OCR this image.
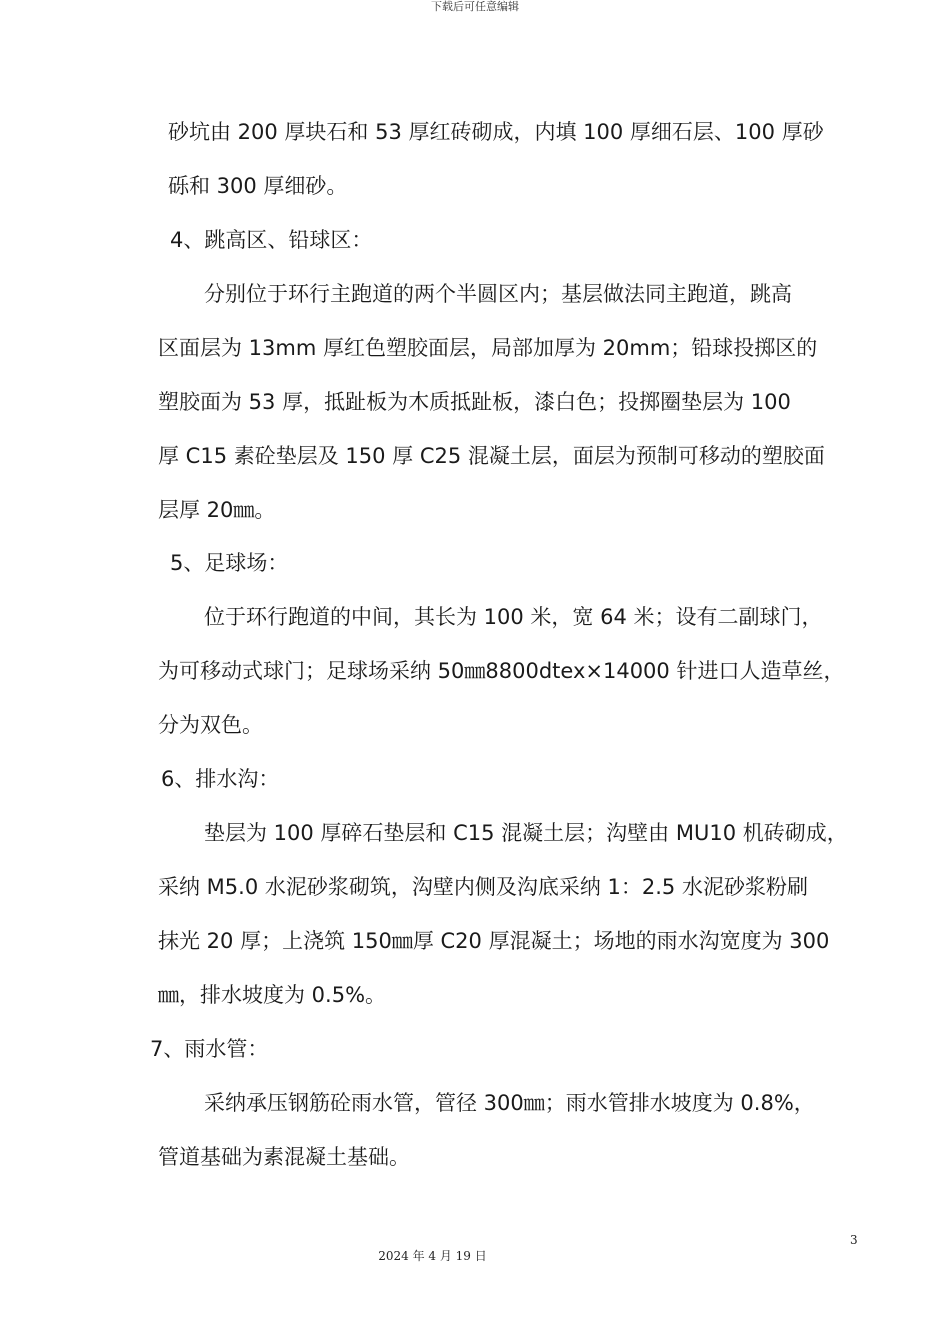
下载后可任意编辑
砂坑由 200 厚块石和 53 厚红砖砌成，内填 100 厚细石层、100 厚砂
砾和 300 厚细砂。
4、跳高区、铅球区：
分别位于环行主跑道的两个半圆区内；基层做法同主跑道，跳高
区面层为 13mm 厚红色塑胶面层，局部加厚为 20mm；铅球投掷区的
塑胶面为 53 厚，抵趾板为木质抵趾板，漆白色；投掷圈垫层为 100
厚 C15 素砼垫层及 150 厚 C25 混凝土层，面层为预制可移动的塑胶面
层厚 20㎜。
5、足球场：
位于环行跑道的中间，其长为 100 米，宽 64 米；设有二副球门，
为可移动式球门；足球场采纳 50㎜8800dtex×14000 针进口人造草丝，
分为双色。
6、排水沟：
垫层为 100 厚碎石垫层和 C15 混凝土层；沟壁由 MU10 机砖砌成，
采纳 M5.0 水泥砂浆砌筑，沟壁内侧及沟底采纳 1：2.5 水泥砂浆粉刷
抹光 20 厚；上浇筑 150㎜厚 C20 厚混凝土；场地的雨水沟宽度为 300
㎜，排水坡度为 0.5%。
7、雨水管：
采纳承压钢筋砼雨水管，管径 300㎜；雨水管排水坡度为 0.8%，
管道基础为素混凝土基础。
3
2024 年 4 月 19 日
